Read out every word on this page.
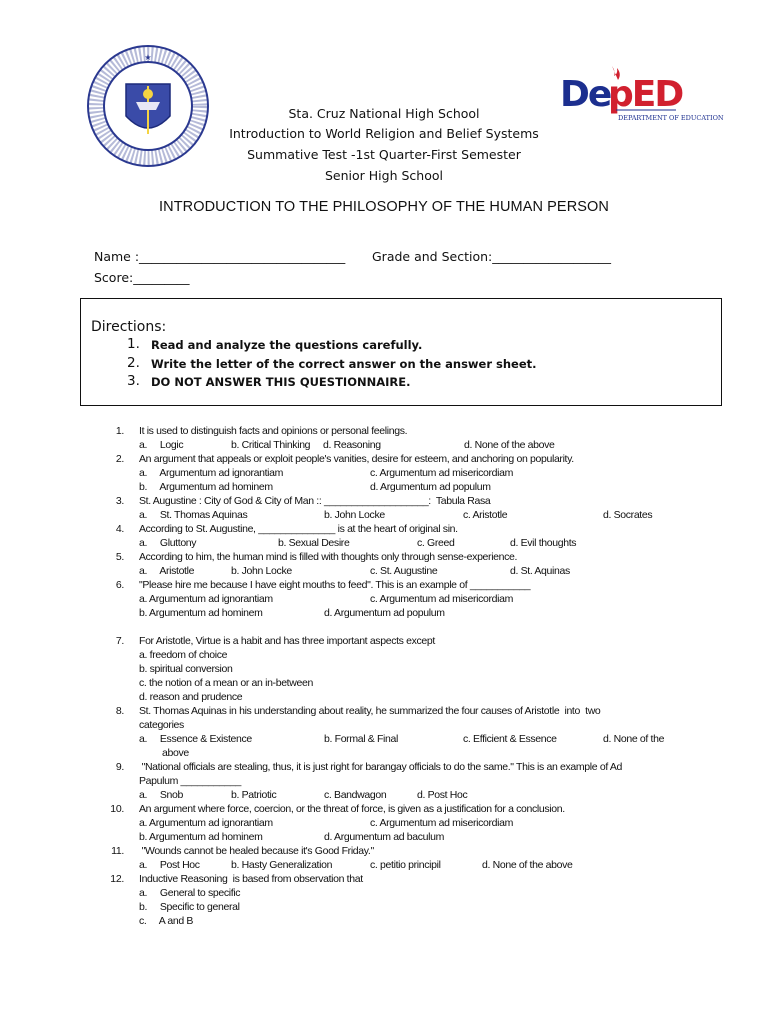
★
De
pED
DEPARTMENT OF EDUCATION
Sta. Cruz National High School
Introduction to World Religion and Belief Systems
Summative Test -1st Quarter-First Semester
Senior High School
INTRODUCTION TO THE PHILOSOPHY OF THE HUMAN PERSON
Name :_________________________________ Grade and Section:___________________
Score:_________
Directions:
1. Read and analyze the questions carefully.
2. Write the letter of the correct answer on the answer sheet.
3. DO NOT ANSWER THIS QUESTIONNAIRE.
1. It is used to distinguish facts and opinions or personal feelings.
a.     Logic	b. Critical Thinking d. Reasoning	d. None of the above
2. An argument that appeals or exploit people's vanities, desire for esteem, and anchoring on popularity.
a.     Argumentum ad ignorantiam	c. Argumentum ad misericordiam
b.     Argumentum ad hominem	d. Argumentum ad populum
3. St. Augustine : City of God & City of Man :: ___________________:  Tabula Rasa
a.     St. Thomas Aquinas	b. John Locke	c. Aristotle	d. Socrates
4. According to St. Augustine, ______________ is at the heart of original sin.
a.     Gluttony	b. Sexual Desire	c. Greed	d. Evil thoughts
5. According to him, the human mind is filled with thoughts only through sense-experience.
a.     Aristotle	b. John Locke	c. St. Augustine	d. St. Aquinas
6. "Please hire me because I have eight mouths to feed". This is an example of ___________
a. Argumentum ad ignorantiam	c. Argumentum ad misericordiam
b. Argumentum ad hominem	d. Argumentum ad populum
7. For Aristotle, Virtue is a habit and has three important aspects except
a. freedom of choice
b. spiritual conversion
c. the notion of a mean or an in-between
d. reason and prudence
8. St. Thomas Aquinas in his understanding about reality, he summarized the four causes of Aristotle  into  two
categories
a.     Essence & Existence	b. Formal & Final	c. Efficient & Essence	d. None of the
above
9. "National officials are stealing, thus, it is just right for barangay officials to do the same." This is an example of Ad
Papulum ___________
a.     Snob	b. Patriotic	c. Bandwagon	d. Post Hoc
10. An argument where force, coercion, or the threat of force, is given as a justification for a conclusion.
a. Argumentum ad ignorantiam	c. Argumentum ad misericordiam
b. Argumentum ad hominem	d. Argumentum ad baculum
11. "Wounds cannot be healed because it's Good Friday."
a.     Post Hoc	b. Hasty Generalization	c. petitio principil	d. None of the above
12. Inductive Reasoning  is based from observation that
a.     General to specific
b.     Specific to general
c.     A and B
